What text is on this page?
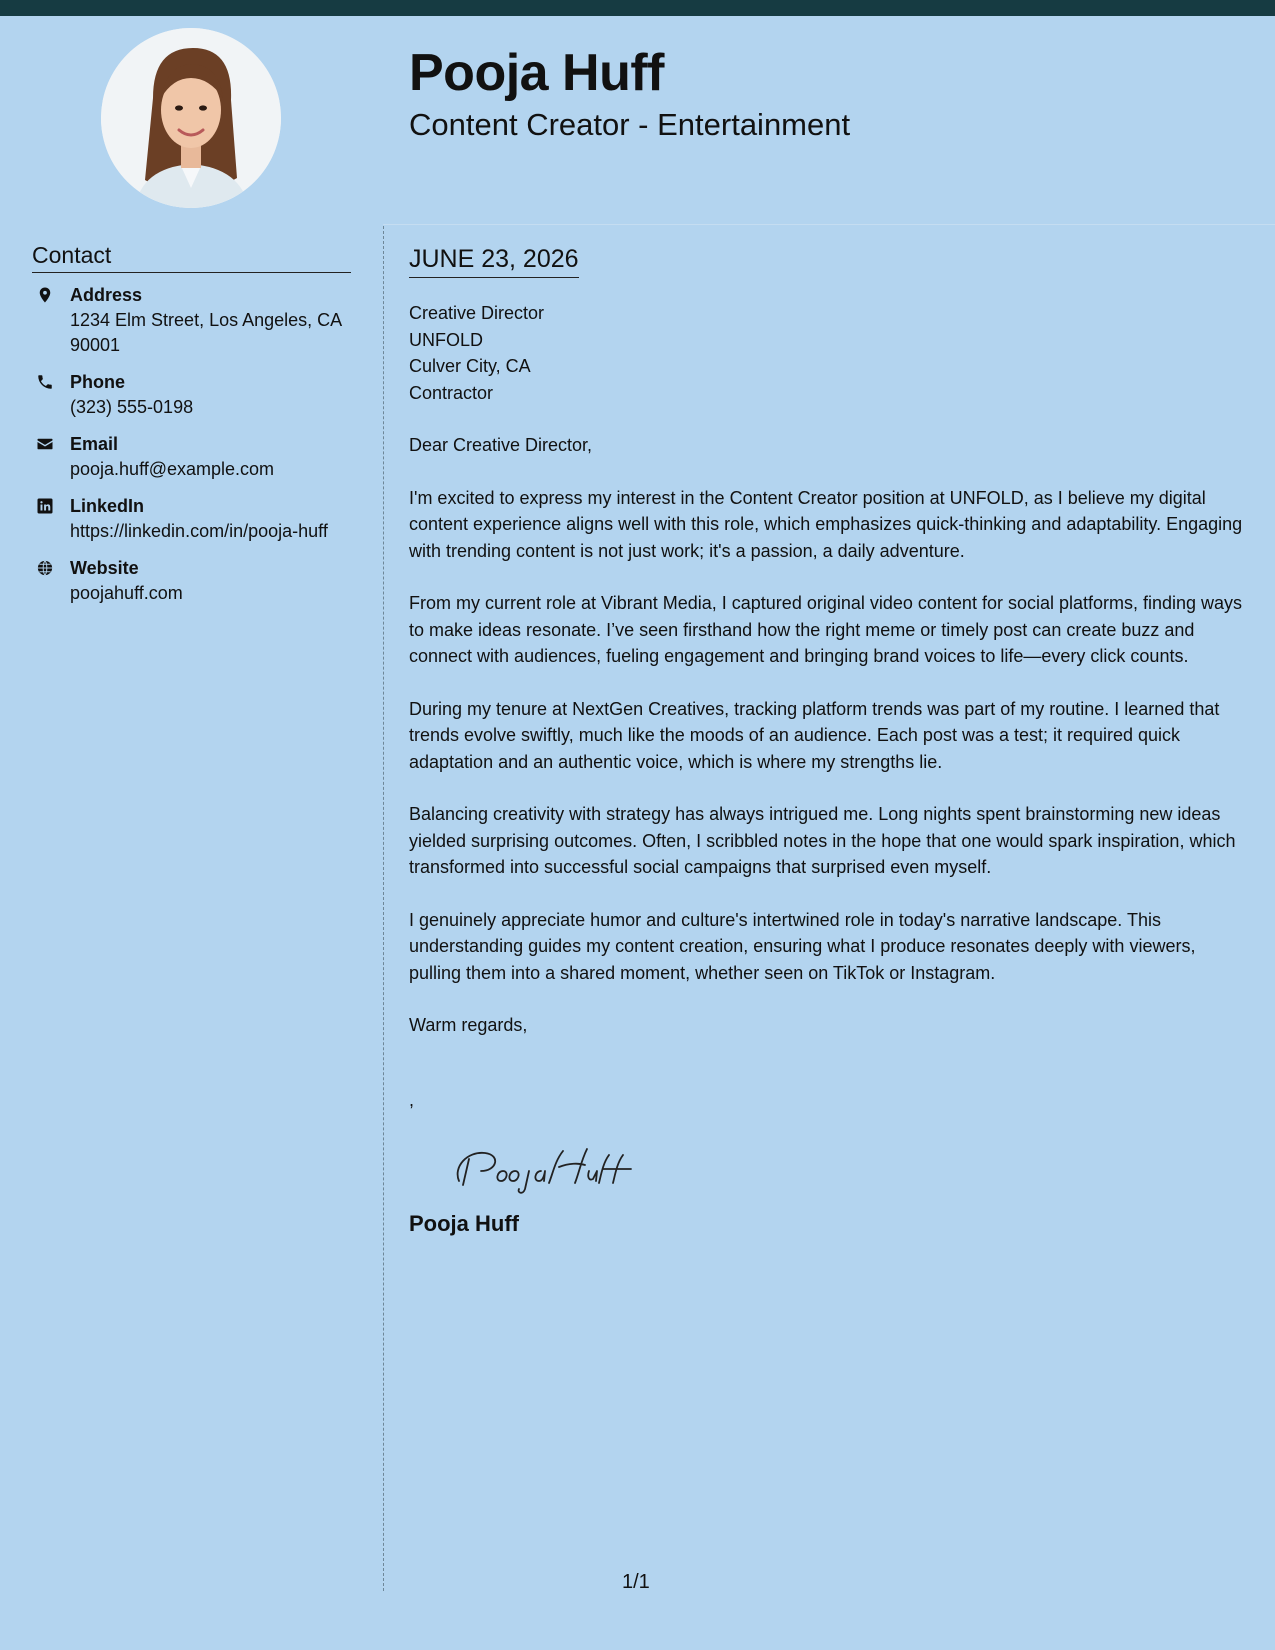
Pooja Huff
Content Creator - Entertainment
Contact
Address
1234 Elm Street, Los Angeles, CA 90001
Phone
(323) 555-0198
Email
pooja.huff@example.com
LinkedIn
https://linkedin.com/in/pooja-huff
Website
poojahuff.com
JUNE 23, 2026
Creative Director
UNFOLD
Culver City, CA
Contractor

Dear Creative Director,

I'm excited to express my interest in the Content Creator position at UNFOLD, as I believe my digital content experience aligns well with this role, which emphasizes quick-thinking and adaptability. Engaging with trending content is not just work; it's a passion, a daily adventure.

From my current role at Vibrant Media, I captured original video content for social platforms, finding ways to make ideas resonate. I’ve seen firsthand how the right meme or timely post can create buzz and connect with audiences, fueling engagement and bringing brand voices to life—every click counts.

During my tenure at NextGen Creatives, tracking platform trends was part of my routine. I learned that trends evolve swiftly, much like the moods of an audience. Each post was a test; it required quick adaptation and an authentic voice, which is where my strengths lie.

Balancing creativity with strategy has always intrigued me. Long nights spent brainstorming new ideas yielded surprising outcomes. Often, I scribbled notes in the hope that one would spark inspiration, which transformed into successful social campaigns that surprised even myself.

I genuinely appreciate humor and culture's intertwined role in today's narrative landscape. This understanding guides my content creation, ensuring what I produce resonates deeply with viewers, pulling them into a shared moment, whether seen on TikTok or Instagram.

Warm regards,

,
Pooja Huff
1/1
